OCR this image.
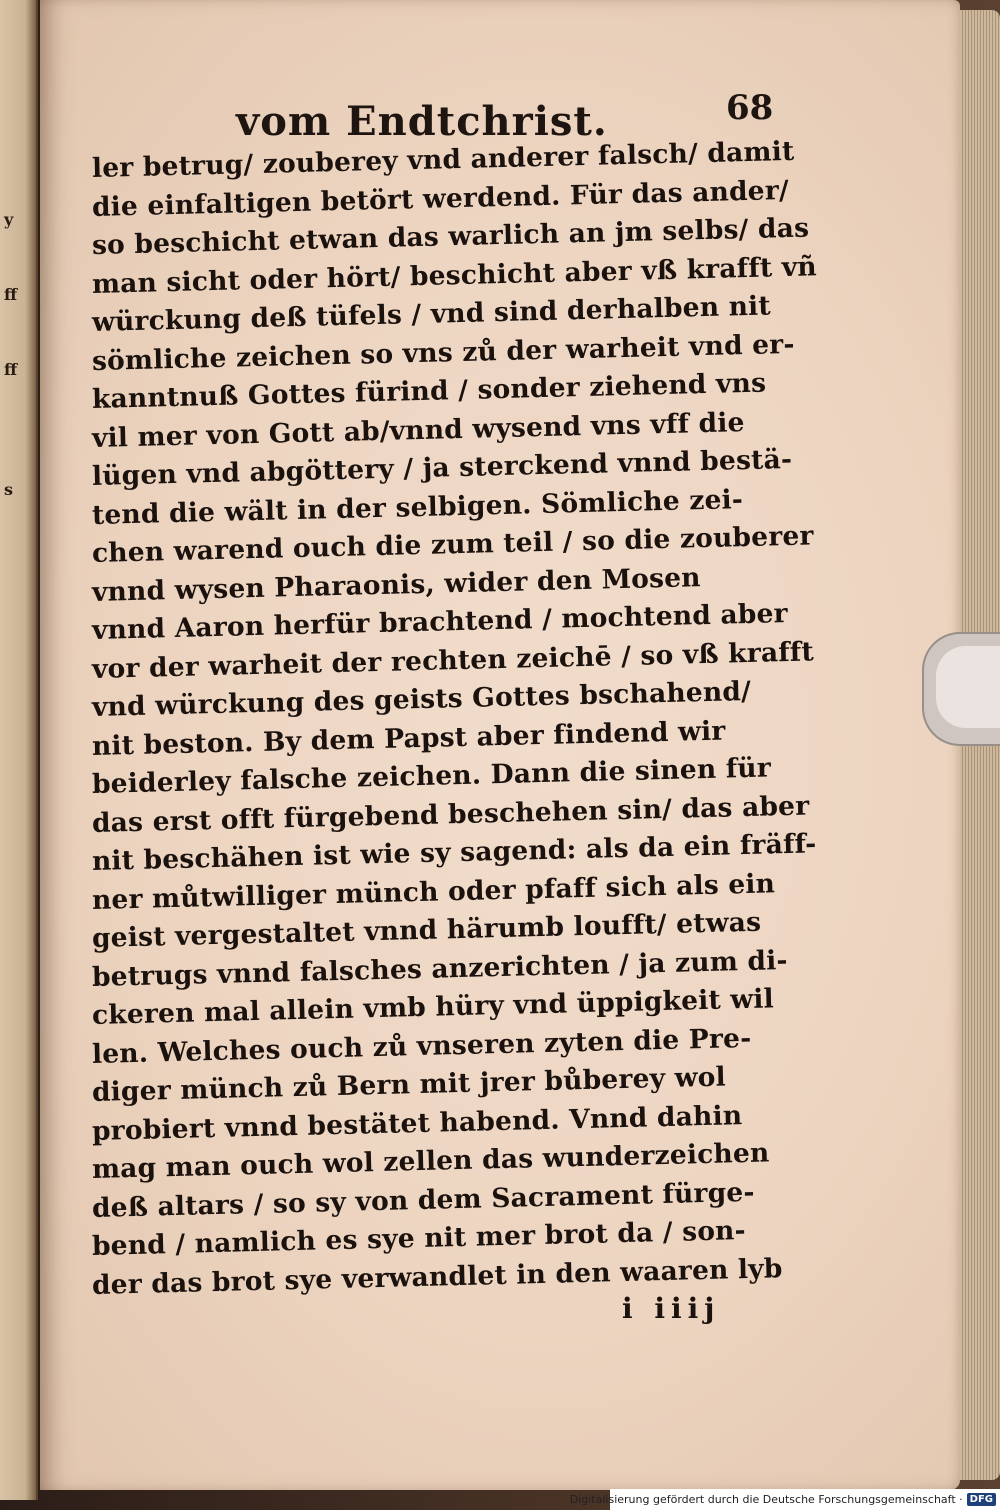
y
ff
ff
s
vom Endtchrist.	68
ler betrug/ zouberey vnd anderer falsch/ damit
die einfaltigen betört werdend. Für das ander/
so beschicht etwan das warlich an jm selbs/ das
man sicht oder hört/ beschicht aber vß krafft vñ
würckung deß tüfels / vnd sind derhalben nit
sömliche zeichen so vns zů der warheit vnd er-
kanntnuß Gottes fürind / sonder ziehend vns
vil mer von Gott ab/vnnd wysend vns vff die
lügen vnd abgöttery / ja sterckend vnnd bestä-
tend die wält in der selbigen. Sömliche zei-
chen warend ouch die zum teil / so die zouberer
vnnd wysen Pharaonis, wider den Mosen
vnnd Aaron herfür brachtend / mochtend aber
vor der warheit der rechten zeichē / so vß krafft
vnd würckung des geists Gottes bschahend/
nit beston. By dem Papst aber findend wir
beiderley falsche zeichen. Dann die sinen für
das erst offt fürgebend beschehen sin/ das aber
nit beschähen ist wie sy sagend: als da ein fräff-
ner můtwilliger münch oder pfaff sich als ein
geist vergestaltet vnnd härumb loufft/ etwas
betrugs vnnd falsches anzerichten / ja zum di-
ckeren mal allein vmb hüry vnd üppigkeit wil
len. Welches ouch zů vnseren zyten die Pre-
diger münch zů Bern mit jrer bůberey wol
probiert vnnd bestätet habend. Vnnd dahin
mag man ouch wol zellen das wunderzeichen
deß altars / so sy von dem Sacrament fürge-
bend / namlich es sye nit mer brot da / son-
der das brot sye verwandlet in den waaren lyb
i iiij
Digitalisierung gefördert durch die Deutsche Forschungsgemeinschaft · DFG
